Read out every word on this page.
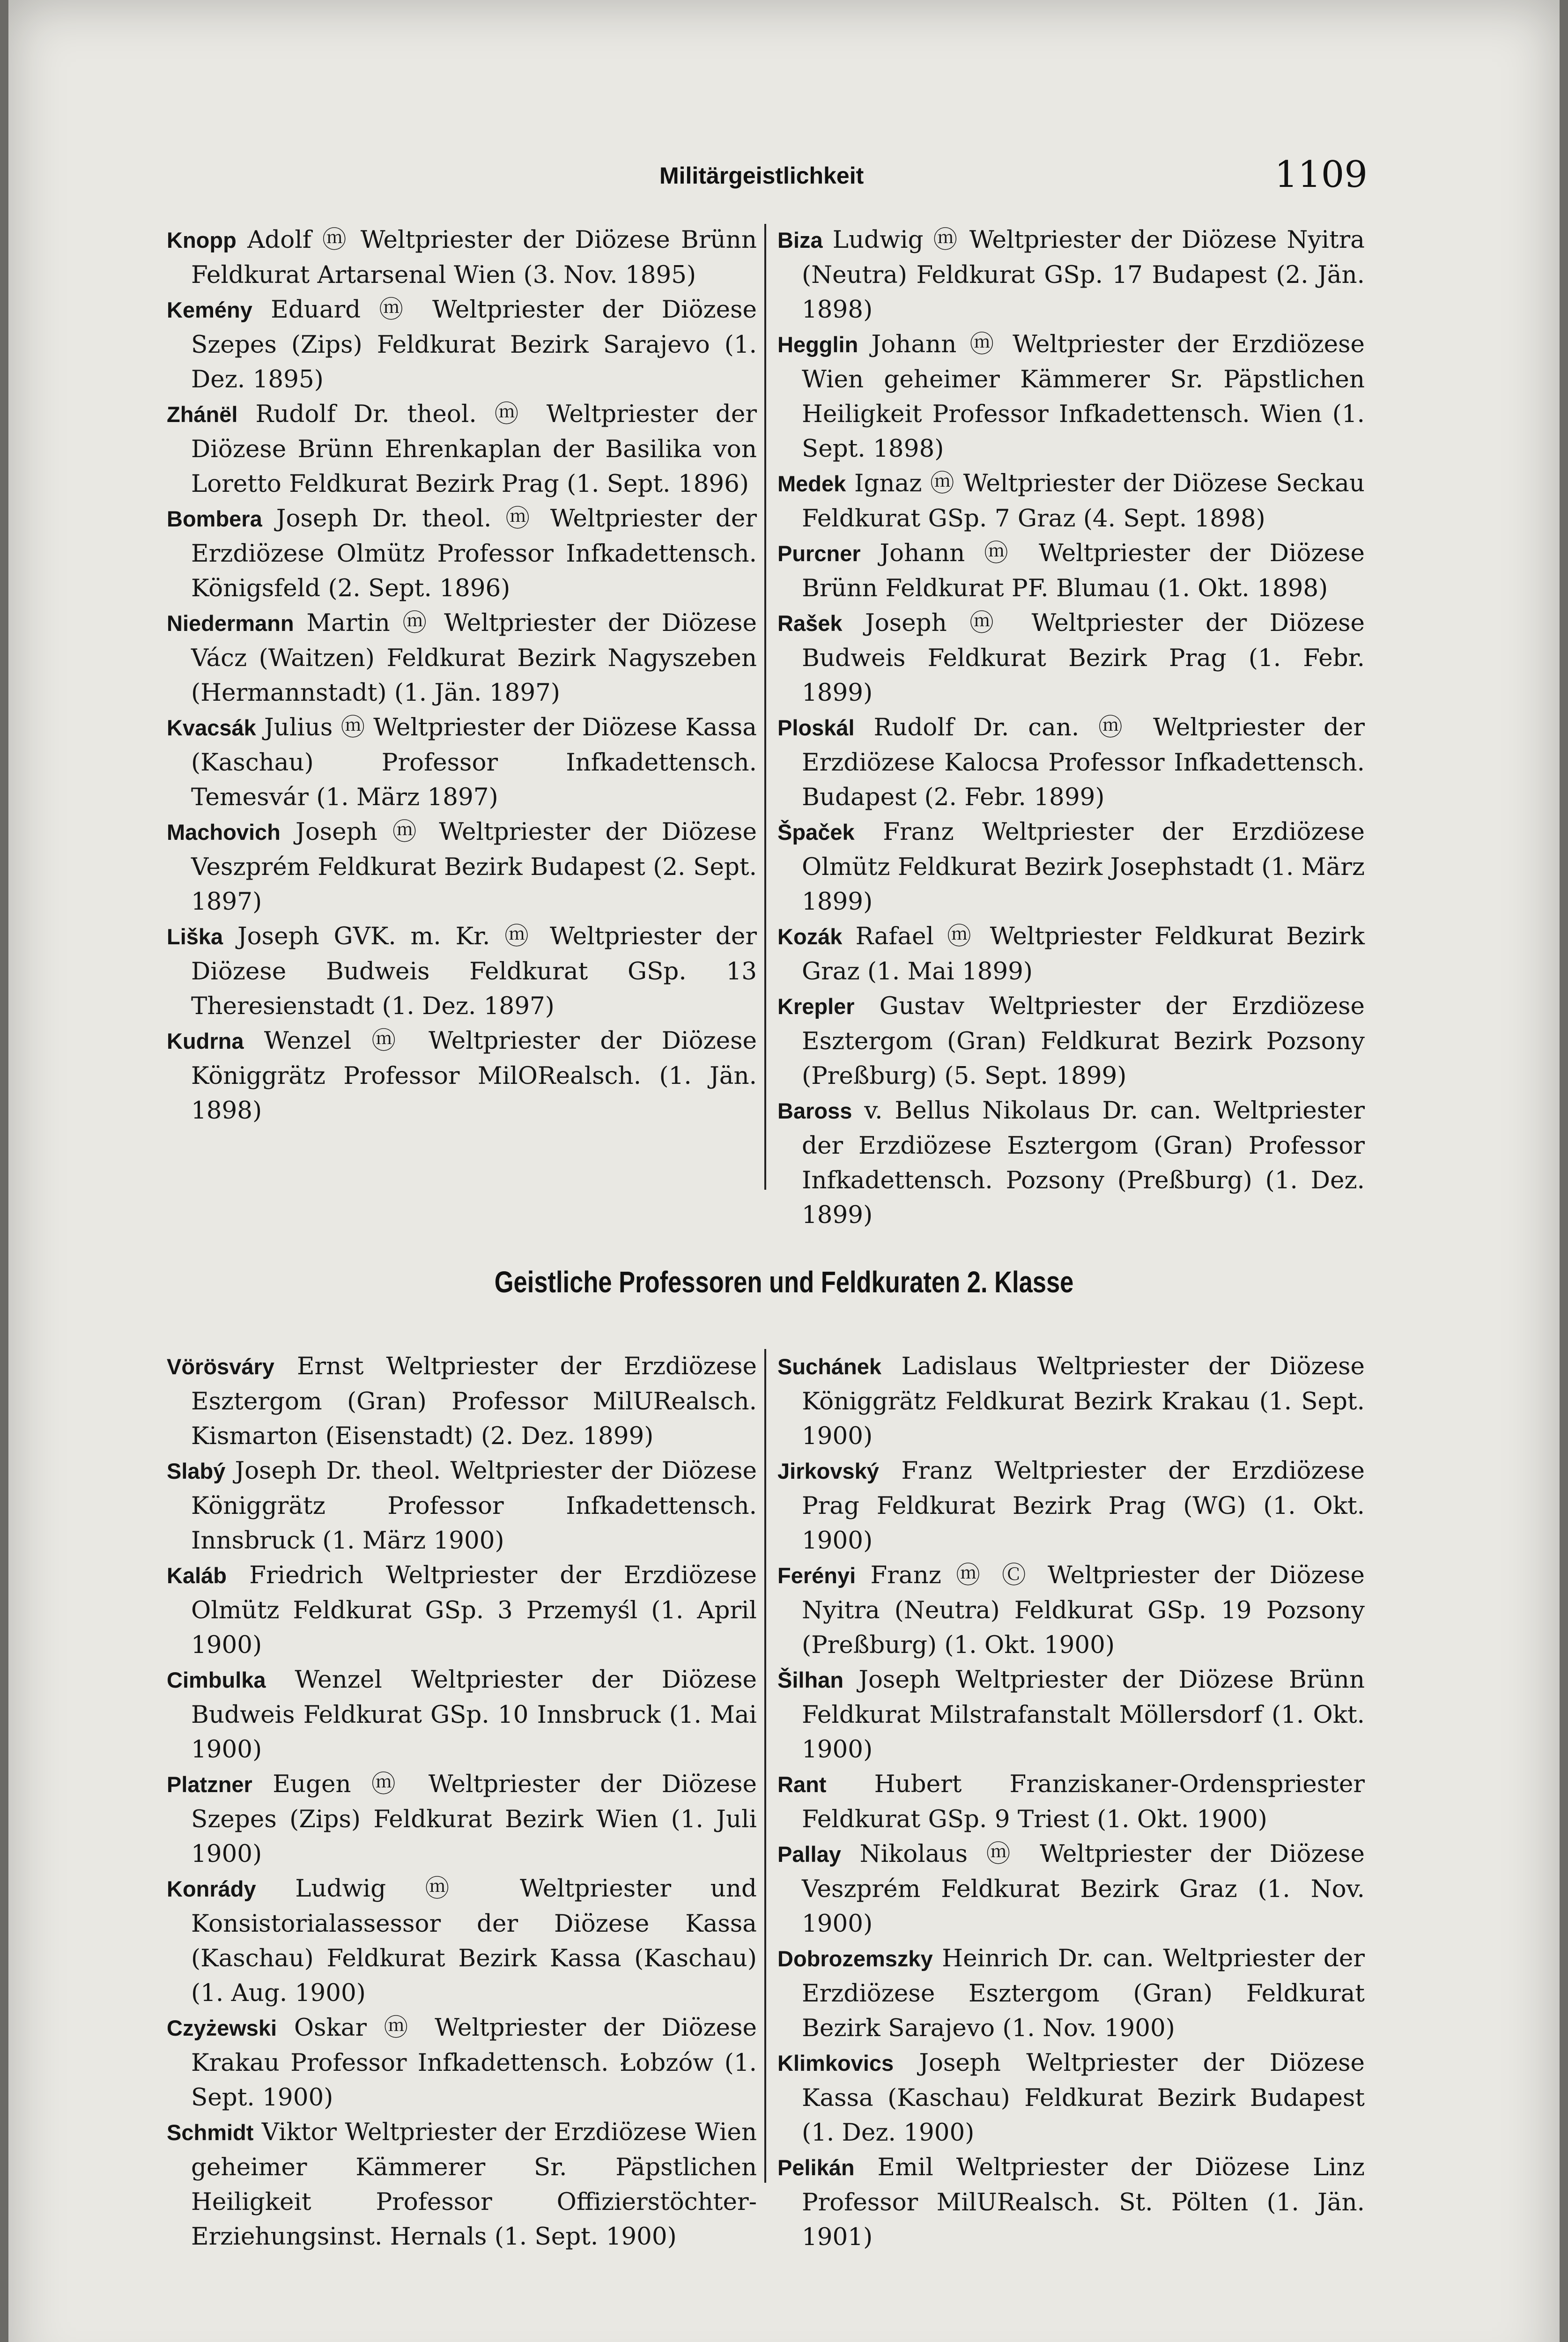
Militärgeistlichkeit	1109

Knopp Adolf ⓜ Weltpriester der Diözese Brünn Feldkurat Artarsenal Wien (3. Nov. 1895)

Kemény Eduard ⓜ Weltpriester der Diözese Szepes (Zips) Feldkurat Bezirk Sarajevo (1. Dez. 1895)

Zhánël Rudolf Dr. theol. ⓜ Weltpriester der Diözese Brünn Ehrenkaplan der Basilika von Loretto Feldkurat Bezirk Prag (1. Sept. 1896)

Bombera Joseph Dr. theol. ⓜ Weltpriester der Erzdiözese Olmütz Professor Infkadettensch. Königsfeld (2. Sept. 1896)

Niedermann Martin ⓜ Weltpriester der Diözese Vácz (Waitzen) Feldkurat Bezirk Nagyszeben (Hermannstadt) (1. Jän. 1897)

Kvacsák Julius ⓜ Weltpriester der Diözese Kassa (Kaschau) Professor Infkadettensch. Temesvár (1. März 1897)

Machovich Joseph ⓜ Weltpriester der Diözese Veszprém Feldkurat Bezirk Budapest (2. Sept. 1897)

Liška Joseph GVK. m. Kr. ⓜ Weltpriester der Diözese Budweis Feldkurat GSp. 13 Theresienstadt (1. Dez. 1897)

Kudrna Wenzel ⓜ Weltpriester der Diözese Königgrätz Professor MilORealsch. (1. Jän. 1898)

Biza Ludwig ⓜ Weltpriester der Diözese Nyitra (Neutra) Feldkurat GSp. 17 Budapest (2. Jän. 1898)

Hegglin Johann ⓜ Weltpriester der Erzdiözese Wien geheimer Kämmerer Sr. Päpstlichen Heiligkeit Professor Infkadettensch. Wien (1. Sept. 1898)

Medek Ignaz ⓜ Weltpriester der Diözese Seckau Feldkurat GSp. 7 Graz (4. Sept. 1898)

Purcner Johann ⓜ Weltpriester der Diözese Brünn Feldkurat PF. Blumau (1. Okt. 1898)

Rašek Joseph ⓜ Weltpriester der Diözese Budweis Feldkurat Bezirk Prag (1. Febr. 1899)

Ploskál Rudolf Dr. can. ⓜ Weltpriester der Erzdiözese Kalocsa Professor Infkadettensch. Budapest (2. Febr. 1899)

Špaček Franz Weltpriester der Erzdiözese Olmütz Feldkurat Bezirk Josephstadt (1. März 1899)

Kozák Rafael ⓜ Weltpriester Feldkurat Bezirk Graz (1. Mai 1899)

Krepler Gustav Weltpriester der Erzdiözese Esztergom (Gran) Feldkurat Bezirk Pozsony (Preßburg) (5. Sept. 1899)

Baross v. Bellus Nikolaus Dr. can. Weltpriester der Erzdiözese Esztergom (Gran) Professor Infkadettensch. Pozsony (Preßburg) (1. Dez. 1899)

Geistliche Professoren und Feldkuraten 2. Klasse

Vörösváry Ernst Weltpriester der Erzdiözese Esztergom (Gran) Professor MilURealsch. Kismarton (Eisenstadt) (2. Dez. 1899)

Slabý Joseph Dr. theol. Weltpriester der Diözese Königgrätz Professor Infkadettensch. Innsbruck (1. März 1900)

Kaláb Friedrich Weltpriester der Erzdiözese Olmütz Feldkurat GSp. 3 Przemyśl (1. April 1900)

Cimbulka Wenzel Weltpriester der Diözese Budweis Feldkurat GSp. 10 Innsbruck (1. Mai 1900)

Platzner Eugen ⓜ Weltpriester der Diözese Szepes (Zips) Feldkurat Bezirk Wien (1. Juli 1900)

Konrády Ludwig ⓜ Weltpriester und Konsistorialassessor der Diözese Kassa (Kaschau) Feldkurat Bezirk Kassa (Kaschau) (1. Aug. 1900)

Czyżewski Oskar ⓜ Weltpriester der Diözese Krakau Professor Infkadettensch. Łobzów (1. Sept. 1900)

Schmidt Viktor Weltpriester der Erzdiözese Wien geheimer Kämmerer Sr. Päpstlichen Heiligkeit Professor Offizierstöchter-Erziehungsinst. Hernals (1. Sept. 1900)

Suchánek Ladislaus Weltpriester der Diözese Königgrätz Feldkurat Bezirk Krakau (1. Sept. 1900)

Jirkovský Franz Weltpriester der Erzdiözese Prag Feldkurat Bezirk Prag (WG) (1. Okt. 1900)

Ferényi Franz ⓜ Ⓒ Weltpriester der Diözese Nyitra (Neutra) Feldkurat GSp. 19 Pozsony (Preßburg) (1. Okt. 1900)

Šilhan Joseph Weltpriester der Diözese Brünn Feldkurat Milstrafanstalt Möllersdorf (1. Okt. 1900)

Rant Hubert Franziskaner-Ordenspriester Feldkurat GSp. 9 Triest (1. Okt. 1900)

Pallay Nikolaus ⓜ Weltpriester der Diözese Veszprém Feldkurat Bezirk Graz (1. Nov. 1900)

Dobrozemszky Heinrich Dr. can. Weltpriester der Erzdiözese Esztergom (Gran) Feldkurat Bezirk Sarajevo (1. Nov. 1900)

Klimkovics Joseph Weltpriester der Diözese Kassa (Kaschau) Feldkurat Bezirk Budapest (1. Dez. 1900)

Pelikán Emil Weltpriester der Diözese Linz Professor MilURealsch. St. Pölten (1. Jän. 1901)
